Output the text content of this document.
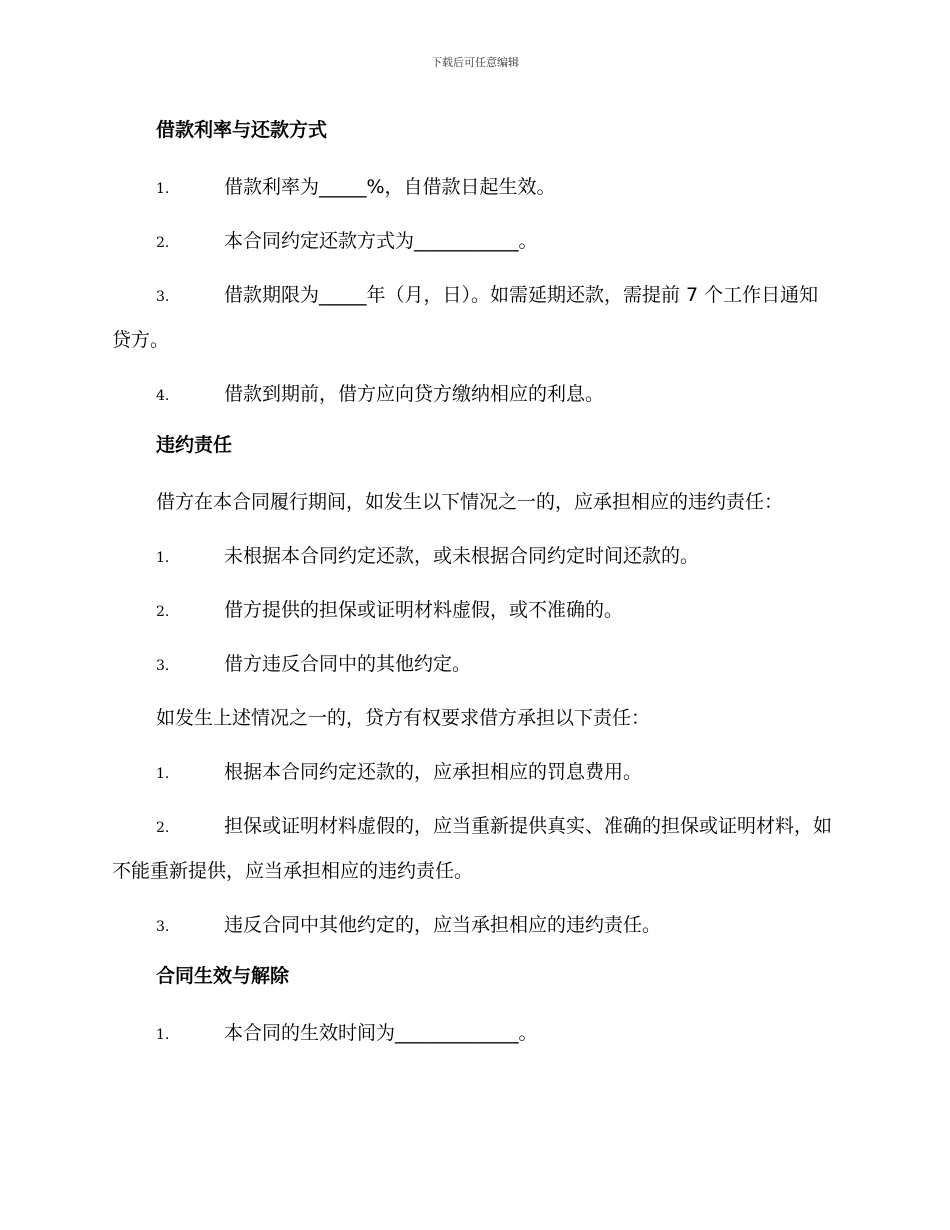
下载后可任意编辑
借款利率与还款方式
1.	借款利率为_____%，自借款日起生效。
2.	本合同约定还款方式为___________。
3.	借款期限为_____年（月，日）。如需延期还款，需提前 7 个工作日通知贷方。
4.	借款到期前，借方应向贷方缴纳相应的利息。
违约责任
借方在本合同履行期间，如发生以下情况之一的，应承担相应的违约责任：
1.	未根据本合同约定还款，或未根据合同约定时间还款的。
2.	借方提供的担保或证明材料虚假，或不准确的。
3.	借方违反合同中的其他约定。
如发生上述情况之一的，贷方有权要求借方承担以下责任：
1.	根据本合同约定还款的，应承担相应的罚息费用。
2.	担保或证明材料虚假的，应当重新提供真实、准确的担保或证明材料，如不能重新提供，应当承担相应的违约责任。
3.	违反合同中其他约定的，应当承担相应的违约责任。
合同生效与解除
1.	本合同的生效时间为_____________。
